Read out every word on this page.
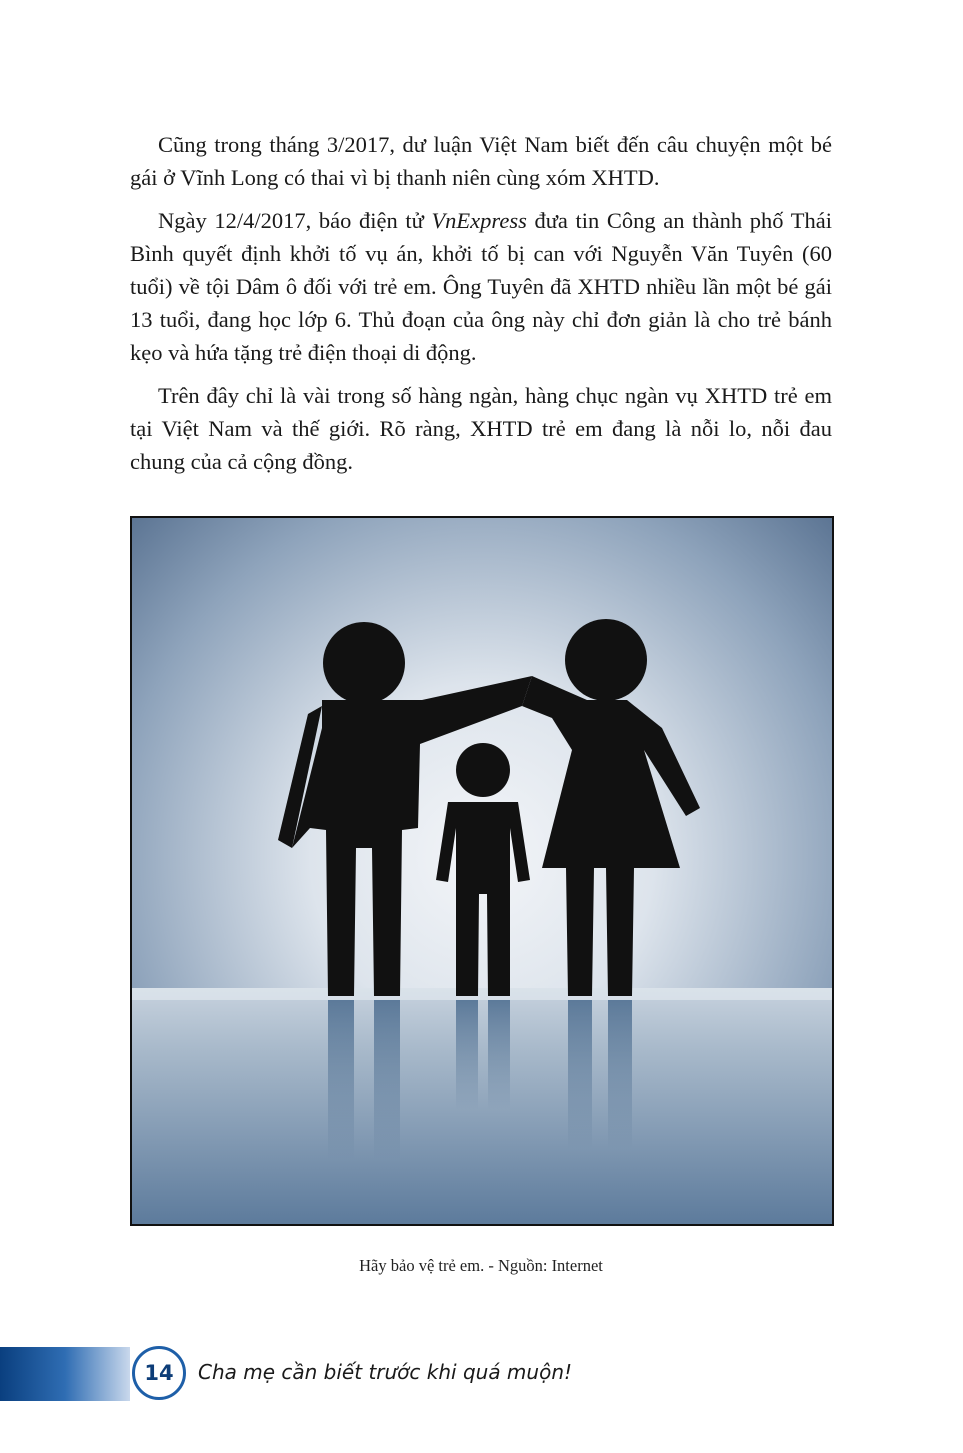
Cũng trong tháng 3/2017, dư luận Việt Nam biết đến câu chuyện một bé gái ở Vĩnh Long có thai vì bị thanh niên cùng xóm XHTD.

Ngày 12/4/2017, báo điện tử VnExpress đưa tin Công an thành phố Thái Bình quyết định khởi tố vụ án, khởi tố bị can với Nguyễn Văn Tuyên (60 tuổi) về tội Dâm ô đối với trẻ em. Ông Tuyên đã XHTD nhiều lần một bé gái 13 tuổi, đang học lớp 6. Thủ đoạn của ông này chỉ đơn giản là cho trẻ bánh kẹo và hứa tặng trẻ điện thoại di động.

Trên đây chỉ là vài trong số hàng ngàn, hàng chục ngàn vụ XHTD trẻ em tại Việt Nam và thế giới. Rõ ràng, XHTD trẻ em đang là nỗi lo, nỗi đau chung của cả cộng đồng.

Hãy bảo vệ trẻ em. - Nguồn: Internet
14	Cha mẹ cần biết trước khi quá muộn!
